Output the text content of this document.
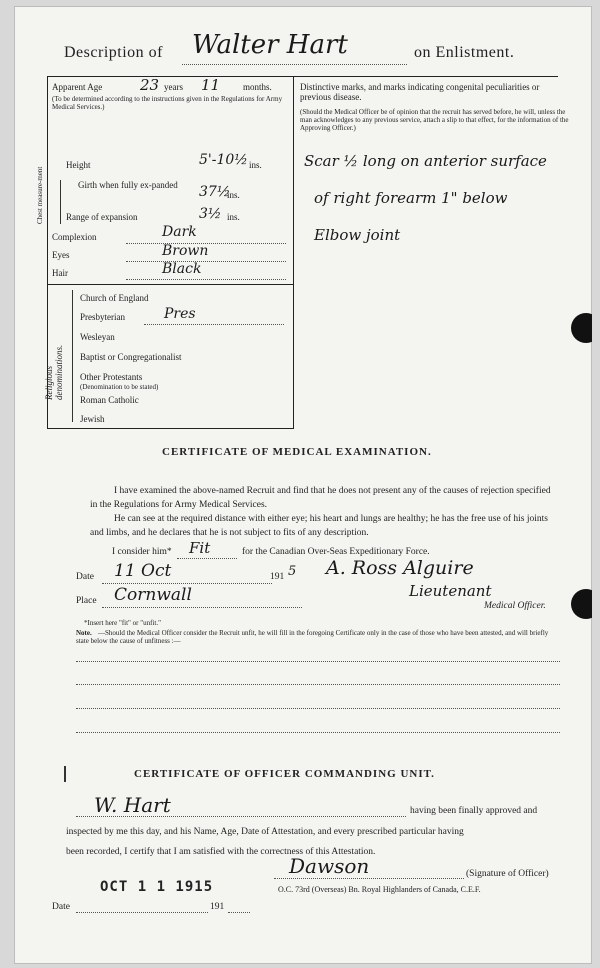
Description of Walter Hart	on Enlistment.
Apparent Age	23 years 11	months.
(To be determined according to the instructions given in the Regulations for Army Medical Services.)
Height	5'-10½ ins.
Chest measure-ment	Girth when fully ex-panded	37½
ins.
Range of expansion	3½ ins.
Complexion	Dark
Eyes	Brown
Hair	Black
Religious denominations.
Church of England
Presbyterian	Pres
Wesleyan
Baptist or Congregationalist
Other Protestants
(Denomination to be stated)
Roman Catholic
Jewish
Distinctive marks, and marks indicating congenital peculiarities or previous disease.
(Should the Medical Officer be of opinion that the recruit has served before, he will, unless the man acknowledges to any previous service, attach a slip to that effect, for the information of the Approving Officer.)
Scar ½ long on anterior surface
of right forearm 1" below
Elbow joint
CERTIFICATE OF MEDICAL EXAMINATION.
I have examined the above-named Recruit and find that he does not present any of the causes of rejection specified in the Regulations for Army Medical Services.
He can see at the required distance with either eye; his heart and lungs are healthy; he has the free use of his joints and limbs, and he declares that he is not subject to fits of any description.
I consider him* Fit	for the Canadian Over-Seas Expeditionary Force.
Date 11 Oct	191 5 A. Ross Alguire
Place Cornwall	Lieutenant
Medical Officer.
*Insert here "fit" or "unfit."
Note. —Should the Medical Officer consider the Recruit unfit, he will fill in the foregoing Certificate only in the case of those who have been attested, and will briefly state below the cause of unfitness :—
CERTIFICATE OF OFFICER COMMANDING UNIT.
W. Hart	having been finally approved and
inspected by me this day, and his Name, Age, Date of Attestation, and every prescribed particular having
been recorded, I certify that I am satisfied with the correctness of this Attestation.
Dawson	(Signature of Officer)
OCT 1 1 1915	O.C. 73rd (Overseas) Bn. Royal Highlanders of Canada, C.E.F.
Date	191
